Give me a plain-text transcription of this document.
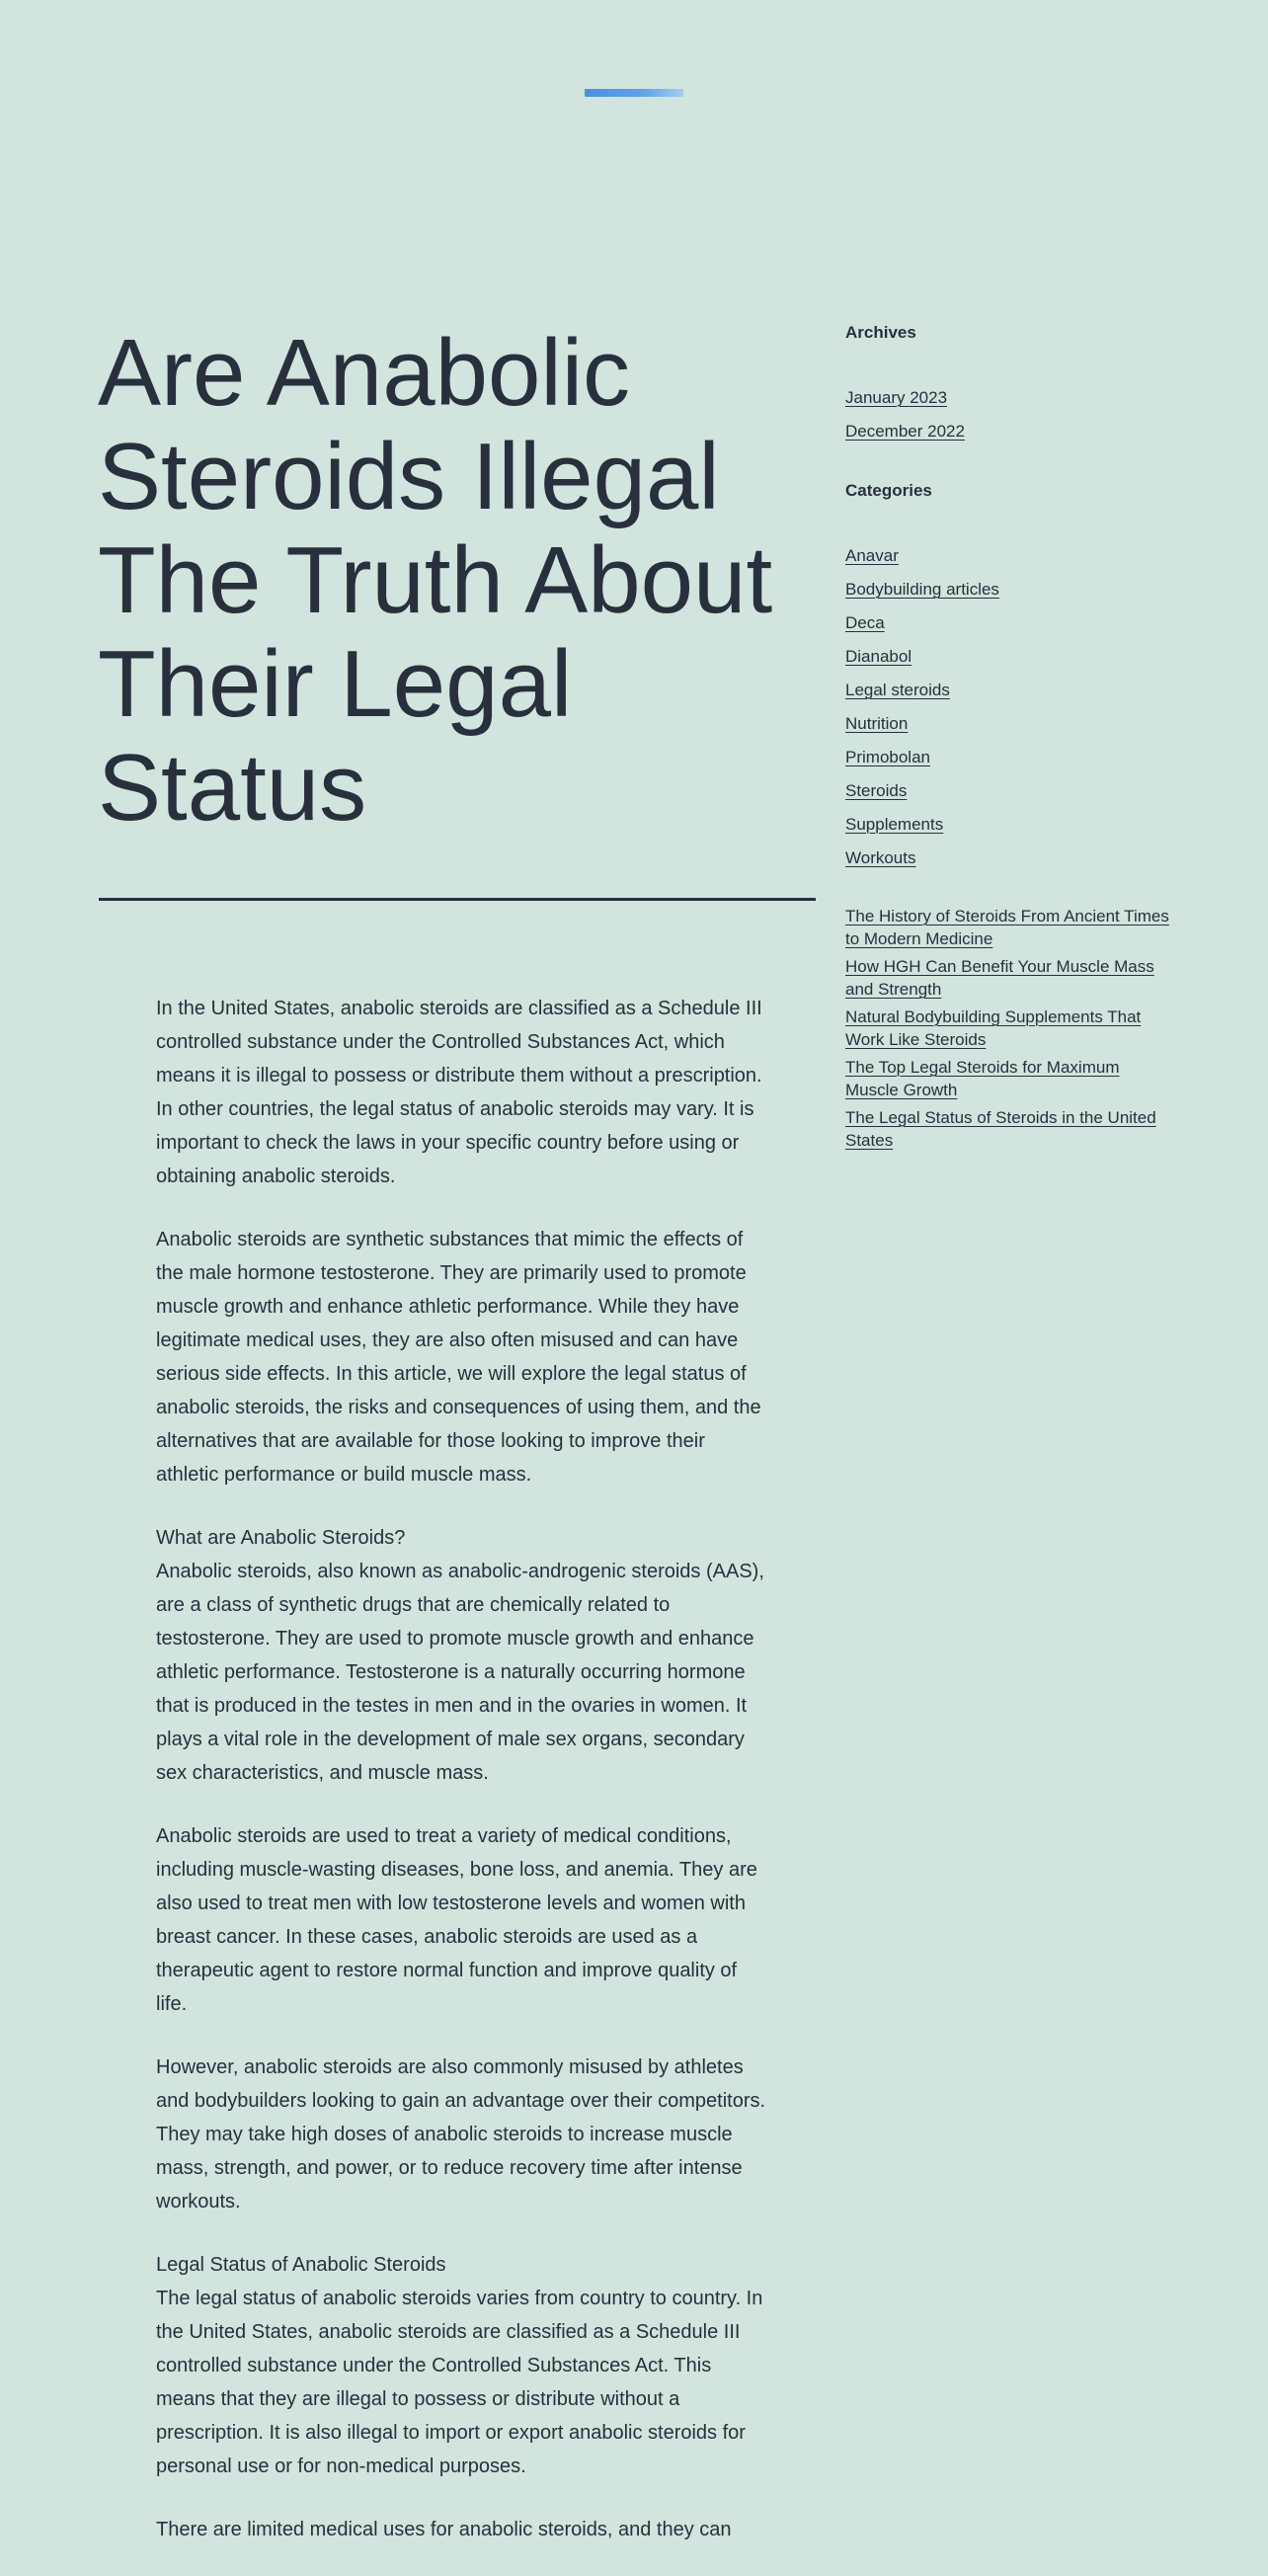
Are Anabolic Steroids Illegal The Truth About Their Legal Status

In the United States, anabolic steroids are classified as a Schedule III controlled substance under the Controlled Substances Act, which means it is illegal to possess or distribute them without a prescription. In other countries, the legal status of anabolic steroids may vary. It is important to check the laws in your specific country before using or obtaining anabolic steroids.

Anabolic steroids are synthetic substances that mimic the effects of the male hormone testosterone. They are primarily used to promote muscle growth and enhance athletic performance. While they have legitimate medical uses, they are also often misused and can have serious side effects. In this article, we will explore the legal status of anabolic steroids, the risks and consequences of using them, and the alternatives that are available for those looking to improve their athletic performance or build muscle mass.

What are Anabolic Steroids?
Anabolic steroids, also known as anabolic-androgenic steroids (AAS), are a class of synthetic drugs that are chemically related to testosterone. They are used to promote muscle growth and enhance athletic performance. Testosterone is a naturally occurring hormone that is produced in the testes in men and in the ovaries in women. It plays a vital role in the development of male sex organs, secondary sex characteristics, and muscle mass.

Anabolic steroids are used to treat a variety of medical conditions, including muscle-wasting diseases, bone loss, and anemia. They are also used to treat men with low testosterone levels and women with breast cancer. In these cases, anabolic steroids are used as a therapeutic agent to restore normal function and improve quality of life.

However, anabolic steroids are also commonly misused by athletes and bodybuilders looking to gain an advantage over their competitors. They may take high doses of anabolic steroids to increase muscle mass, strength, and power, or to reduce recovery time after intense workouts.

Legal Status of Anabolic Steroids
The legal status of anabolic steroids varies from country to country. In the United States, anabolic steroids are classified as a Schedule III controlled substance under the Controlled Substances Act. This means that they are illegal to possess or distribute without a prescription. It is also illegal to import or export anabolic steroids for personal use or for non-medical purposes.

There are limited medical uses for anabolic steroids, and they can

Archives
January 2023
December 2022
Categories
Anavar
Bodybuilding articles
Deca
Dianabol
Legal steroids
Nutrition
Primobolan
Steroids
Supplements
Workouts
The History of Steroids From Ancient Times to Modern Medicine
How HGH Can Benefit Your Muscle Mass and Strength
Natural Bodybuilding Supplements That Work Like Steroids
The Top Legal Steroids for Maximum Muscle Growth
The Legal Status of Steroids in the United States
